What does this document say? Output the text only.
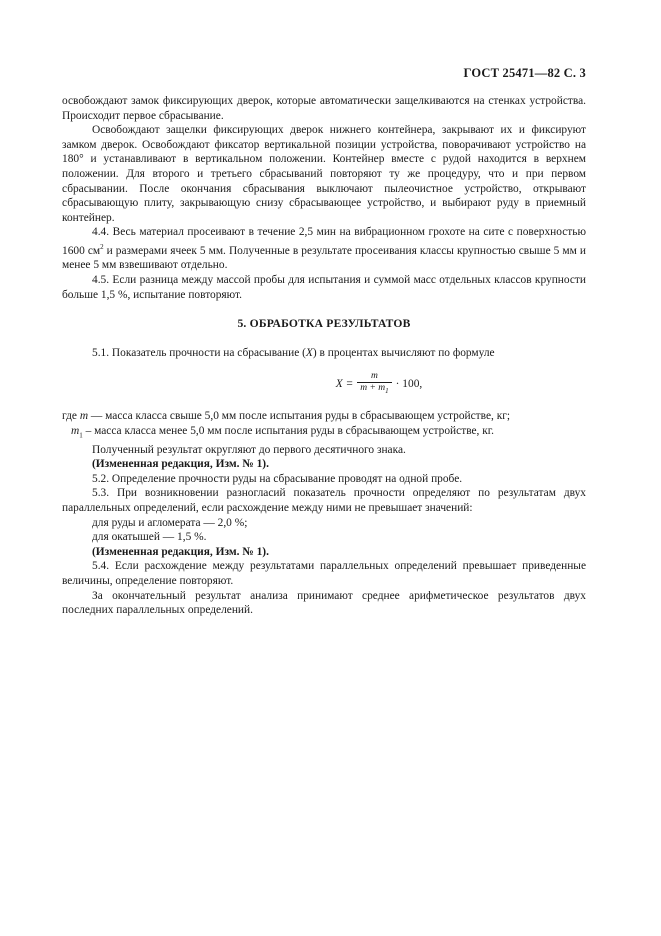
ГОСТ 25471—82 С. 3

освобождают замок фиксирующих дверок, которые автоматически защелкиваются на стенках устройства. Происходит первое сбрасывание.

Освобождают защелки фиксирующих дверок нижнего контейнера, закрывают их и фиксируют замком дверок. Освобождают фиксатор вертикальной позиции устройства, поворачивают устройство на 180° и устанавливают в вертикальном положении. Контейнер вместе с рудой находится в верхнем положении. Для второго и третьего сбрасываний повторяют ту же процедуру, что и при первом сбрасывании. После окончания сбрасывания выключают пылеочистное устройство, открывают сбрасывающую плиту, закрывающую снизу сбрасывающее устройство, и выбирают руду в приемный контейнер.

4.4. Весь материал просеивают в течение 2,5 мин на вибрационном грохоте на сите с поверхностью 1600 $см^2$ и размерами ячеек 5 мм. Полученные в результате просеивания классы крупностью свыше 5 мм и менее 5 мм взвешивают отдельно.

4.5. Если разница между массой пробы для испытания и суммой масс отдельных классов крупности больше 1,5 %, испытание повторяют.

5. ОБРАБОТКА РЕЗУЛЬТАТОВ

5.1. Показатель прочности на сбрасывание (X) в процентах вычисляют по формуле

$X = \frac{m}{m + m_1} \cdot 100$,

где m — масса класса свыше 5,0 мм после испытания руды в сбрасывающем устройстве, кг;

$m_1$ – масса класса менее 5,0 мм после испытания руды в сбрасывающем устройстве, кг.

Полученный результат округляют до первого десятичного знака.

(Измененная редакция, Изм. № 1).

5.2. Определение прочности руды на сбрасывание проводят на одной пробе.

5.3. При возникновении разногласий показатель прочности определяют по результатам двух параллельных определений, если расхождение между ними не превышает значений:

для руды и агломерата — 2,0 %;

для окатышей — 1,5 %.

(Измененная редакция, Изм. № 1).

5.4. Если расхождение между результатами параллельных определений превышает приведенные величины, определение повторяют.

За окончательный результат анализа принимают среднее арифметическое результатов двух последних параллельных определений.
